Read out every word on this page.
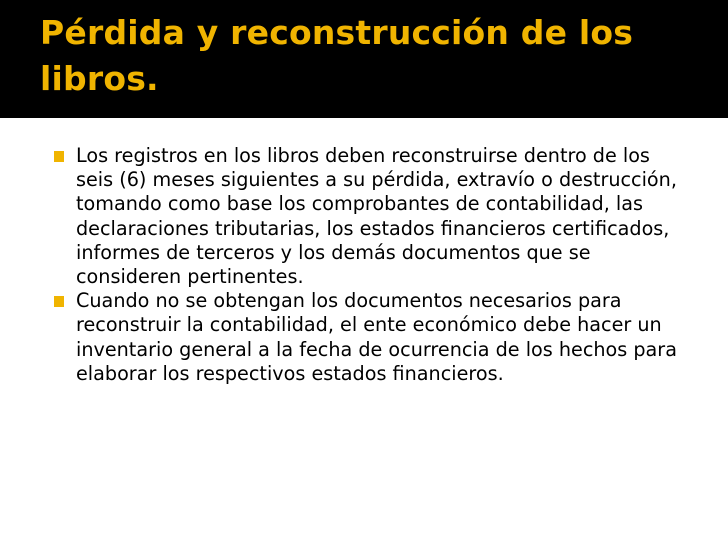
Pérdida y reconstrucción de los libros.
Los registros en los libros deben reconstruirse dentro de los seis (6) meses siguientes a su pérdida, extravío o destrucción, tomando como base los comprobantes de contabilidad, las declaraciones tributarias, los estados financieros certificados, informes de terceros y los demás documentos que se consideren pertinentes.
Cuando no se obtengan los documentos necesarios para reconstruir la contabilidad, el ente económico debe hacer un inventario general a la fecha de ocurrencia de los hechos para elaborar los respectivos estados financieros.
